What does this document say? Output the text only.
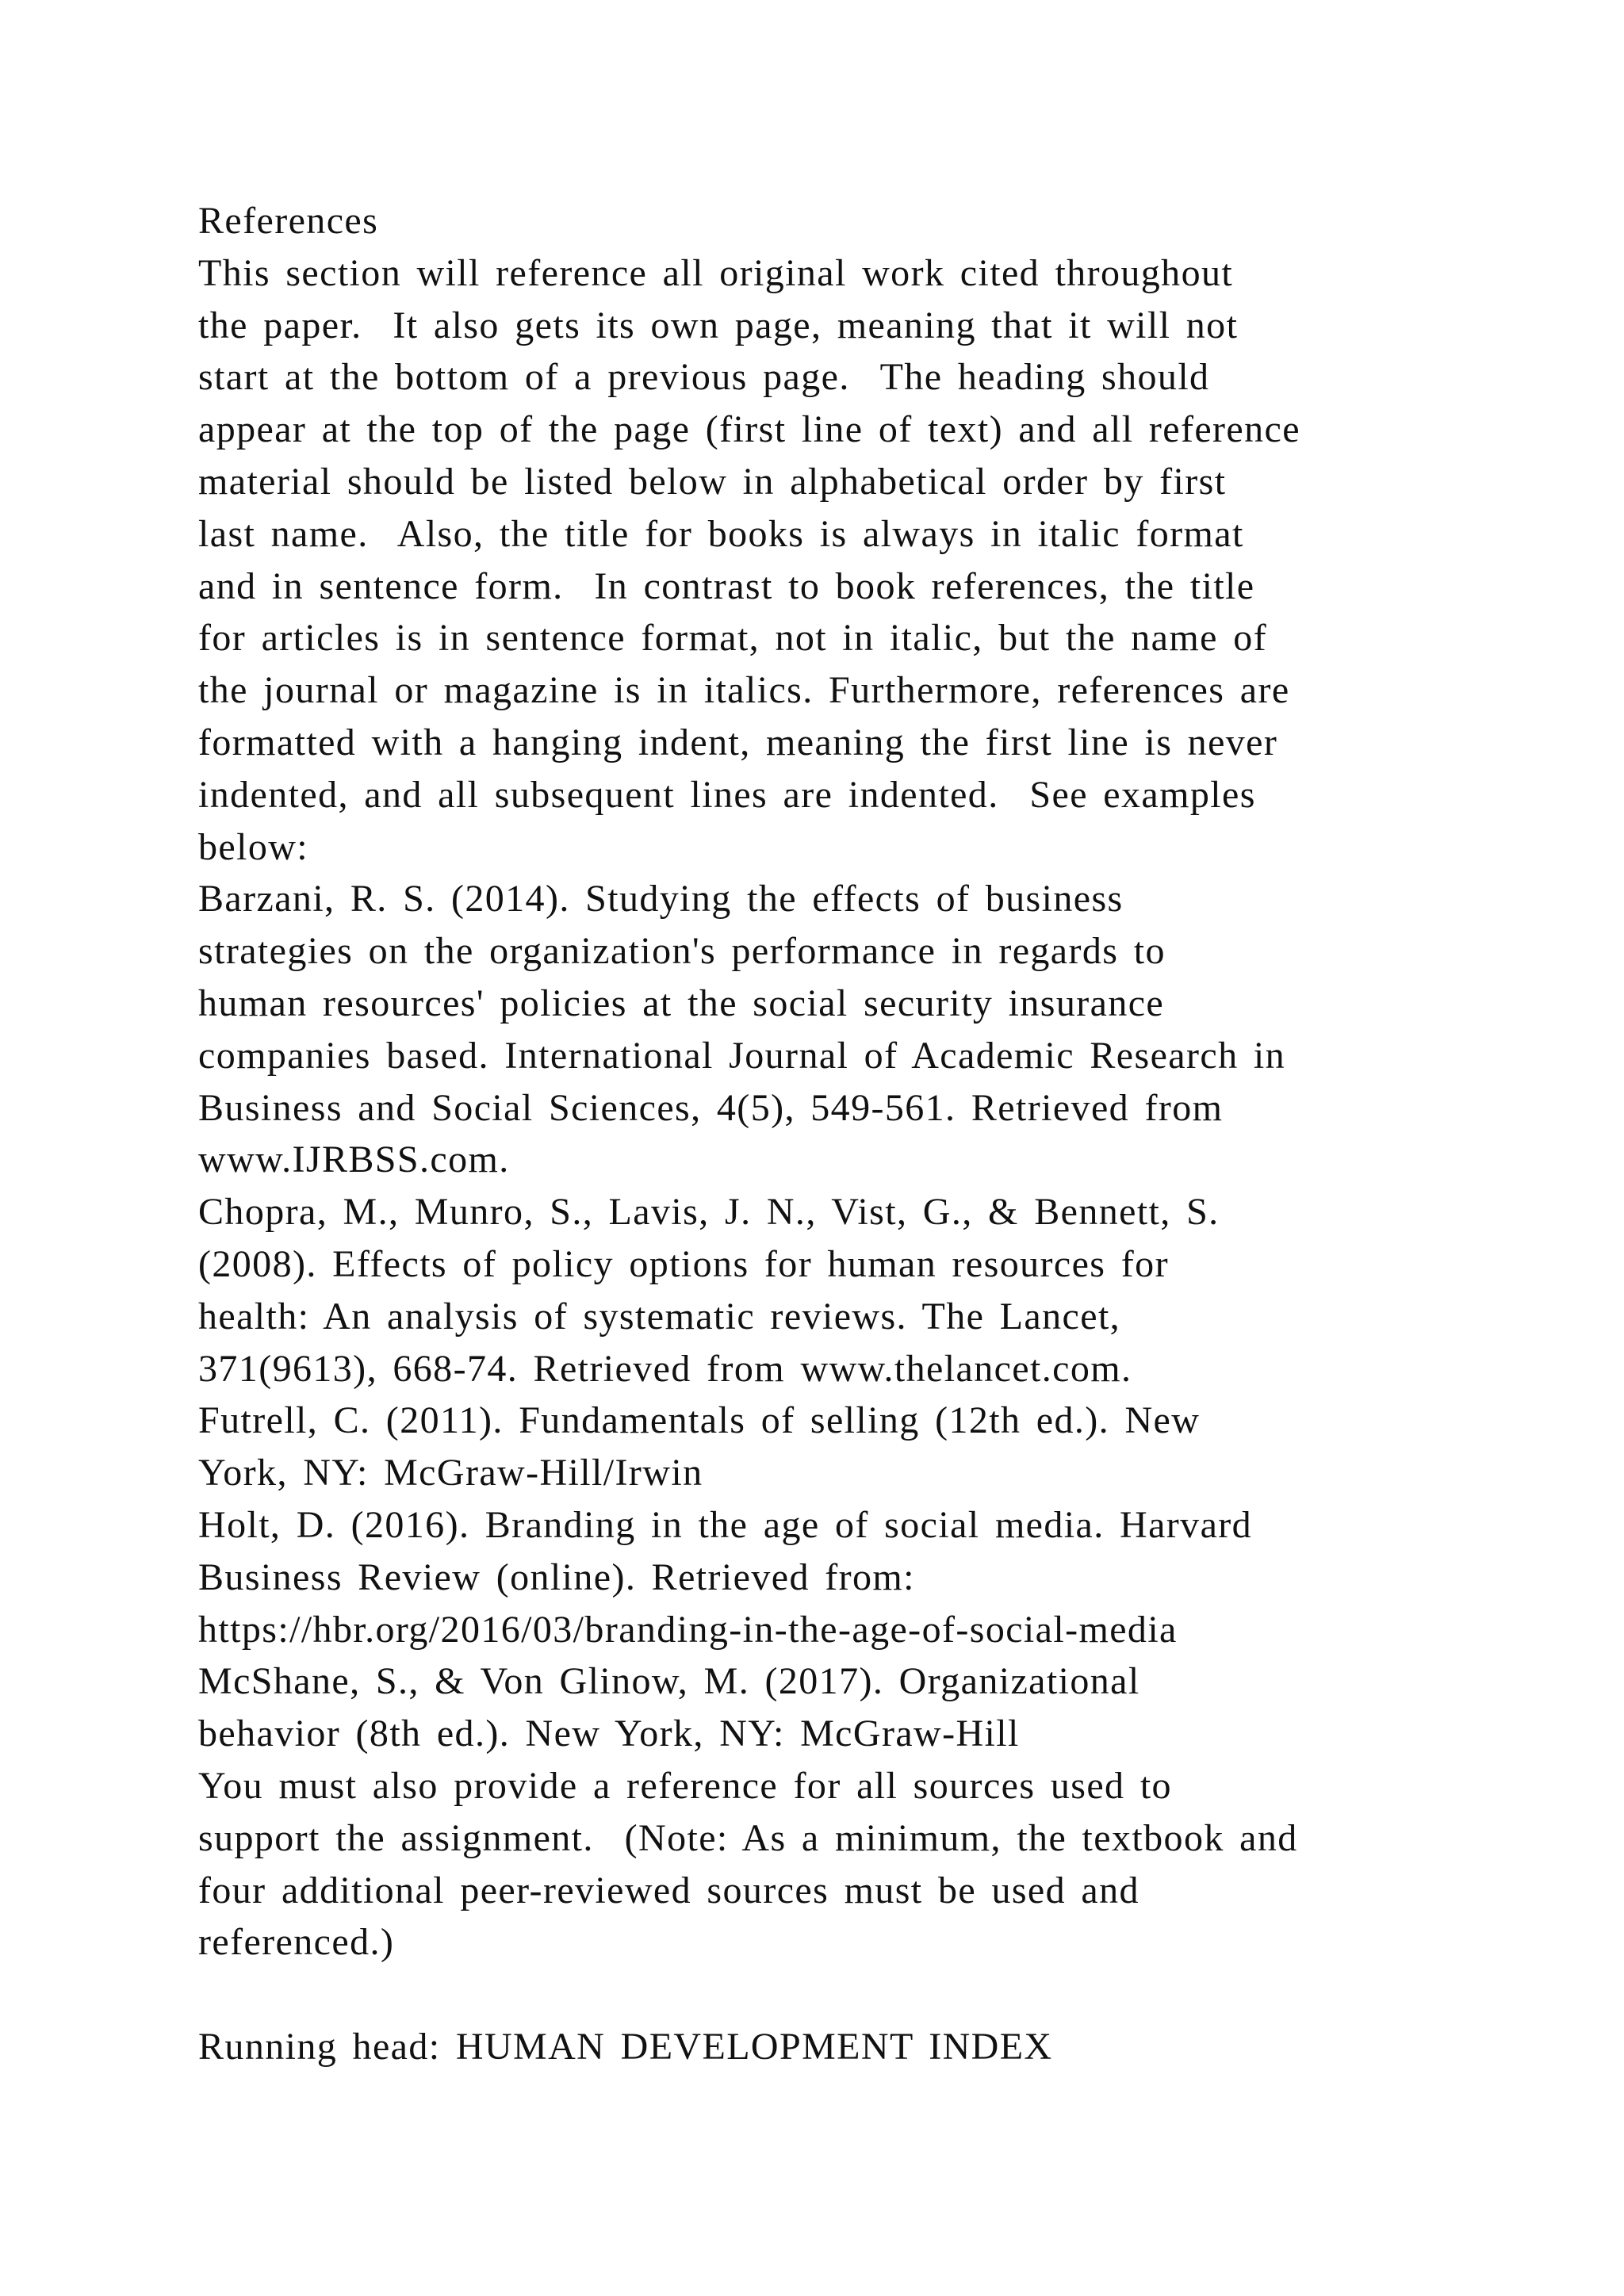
References
This section will reference all original work cited throughout
the paper.  It also gets its own page, meaning that it will not
start at the bottom of a previous page.  The heading should
appear at the top of the page (first line of text) and all reference
material should be listed below in alphabetical order by first
last name.  Also, the title for books is always in italic format
and in sentence form.  In contrast to book references, the title
for articles is in sentence format, not in italic, but the name of
the journal or magazine is in italics. Furthermore, references are
formatted with a hanging indent, meaning the first line is never
indented, and all subsequent lines are indented.  See examples
below:
Barzani, R. S. (2014). Studying the effects of business
strategies on the organization's performance in regards to
human resources' policies at the social security insurance
companies based. International Journal of Academic Research in
Business and Social Sciences, 4(5), 549-561. Retrieved from
www.IJRBSS.com.
Chopra, M., Munro, S., Lavis, J. N., Vist, G., & Bennett, S.
(2008). Effects of policy options for human resources for
health: An analysis of systematic reviews. The Lancet,
371(9613), 668-74. Retrieved from www.thelancet.com.
Futrell, C. (2011). Fundamentals of selling (12th ed.). New
York, NY: McGraw-Hill/Irwin
Holt, D. (2016). Branding in the age of social media. Harvard
Business Review (online). Retrieved from:
https://hbr.org/2016/03/branding-in-the-age-of-social-media
McShane, S., & Von Glinow, M. (2017). Organizational
behavior (8th ed.). New York, NY: McGraw-Hill
You must also provide a reference for all sources used to
support the assignment.  (Note: As a minimum, the textbook and
four additional peer-reviewed sources must be used and
referenced.)
Running head: HUMAN DEVELOPMENT INDEX
